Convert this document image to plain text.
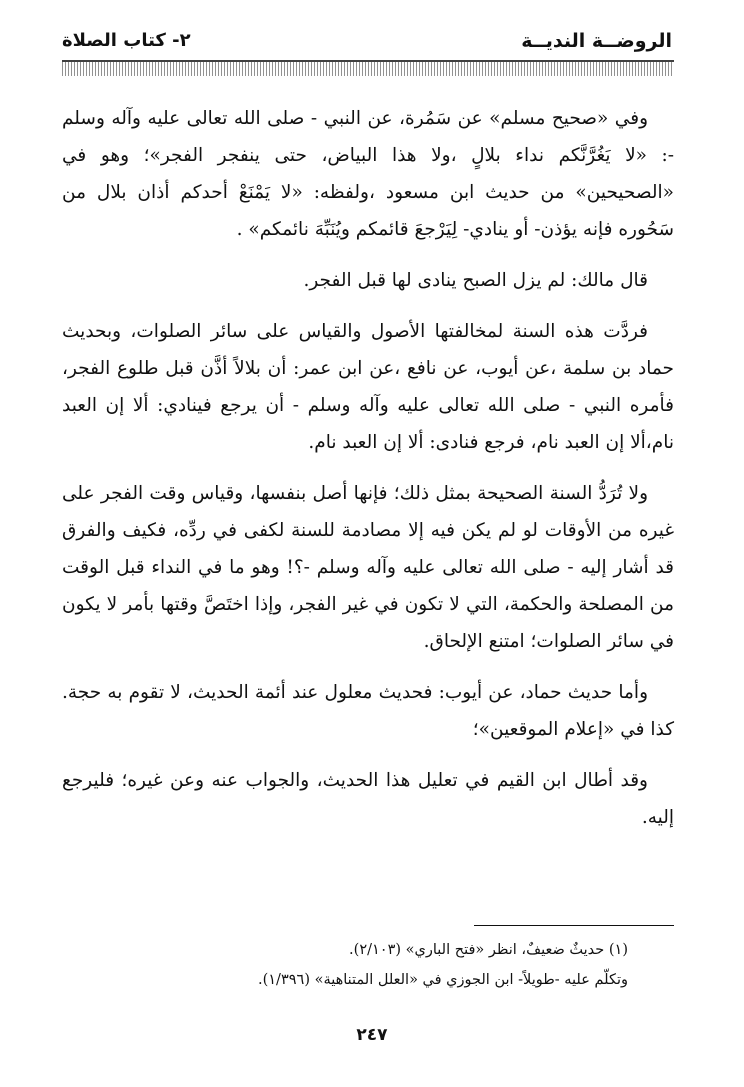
الروضــة النديــة
٢- كتاب الصلاة

وفي «صحيح مسلم» عن سَمُرة، عن النبي - صلى الله تعالى عليه وآله وسلم -: «لا يَغُرَّنَّكم نداء بلالٍ ،ولا هذا البياض، حتى ينفجر الفجر»؛ وهو في «الصحيحين» من حديث ابن مسعود ،ولفظه: «لا يَمْنَعْ أحدكم أذان بلال من سَحُوره فإنه يؤذن- أو ينادي- لِيَرْجعَ قائمكم ويُنَبِّهَ نائمكم» .

قال مالك: لم يزل الصبح ينادى لها قبل الفجر.

فردَّت هذه السنة لمخالفتها الأصول والقياس على سائر الصلوات، وبحديث حماد بن سلمة ،عن أيوب، عن نافع ،عن ابن عمر: أن بلالاً أذَّن قبل طلوع الفجر، فأمره النبي - صلى الله تعالى عليه وآله وسلم - أن يرجع فينادي: ألا إن العبد نام،ألا إن العبد نام، فرجع فنادى: ألا إن العبد نام.

ولا تُرَدُّ السنة الصحيحة بمثل ذلك؛ فإنها أصل بنفسها، وقياس وقت الفجر على غيره من الأوقات لو لم يكن فيه إلا مصادمة للسنة لكفى في ردِّه، فكيف والفرق قد أشار إليه - صلى الله تعالى عليه وآله وسلم -؟! وهو ما في النداء قبل الوقت من المصلحة والحكمة، التي لا تكون في غير الفجر، وإذا اختَصَّ وقتها بأمر لا يكون في سائر الصلوات؛ امتنع الإلحاق.

وأما حديث حماد، عن أيوب: فحديث معلول عند أئمة الحديث، لا تقوم به حجة. كذا في «إعلام الموقعين»؛

وقد أطال ابن القيم في تعليل هذا الحديث، والجواب عنه وعن غيره؛ فليرجع إليه.

(١) حديثٌ ضعيفٌ، انظر «فتح الباري» (٢/١٠٣).

وتكلّم عليه -طويلاً- ابن الجوزي في «العلل المتناهية» (١/٣٩٦).

٢٤٧
